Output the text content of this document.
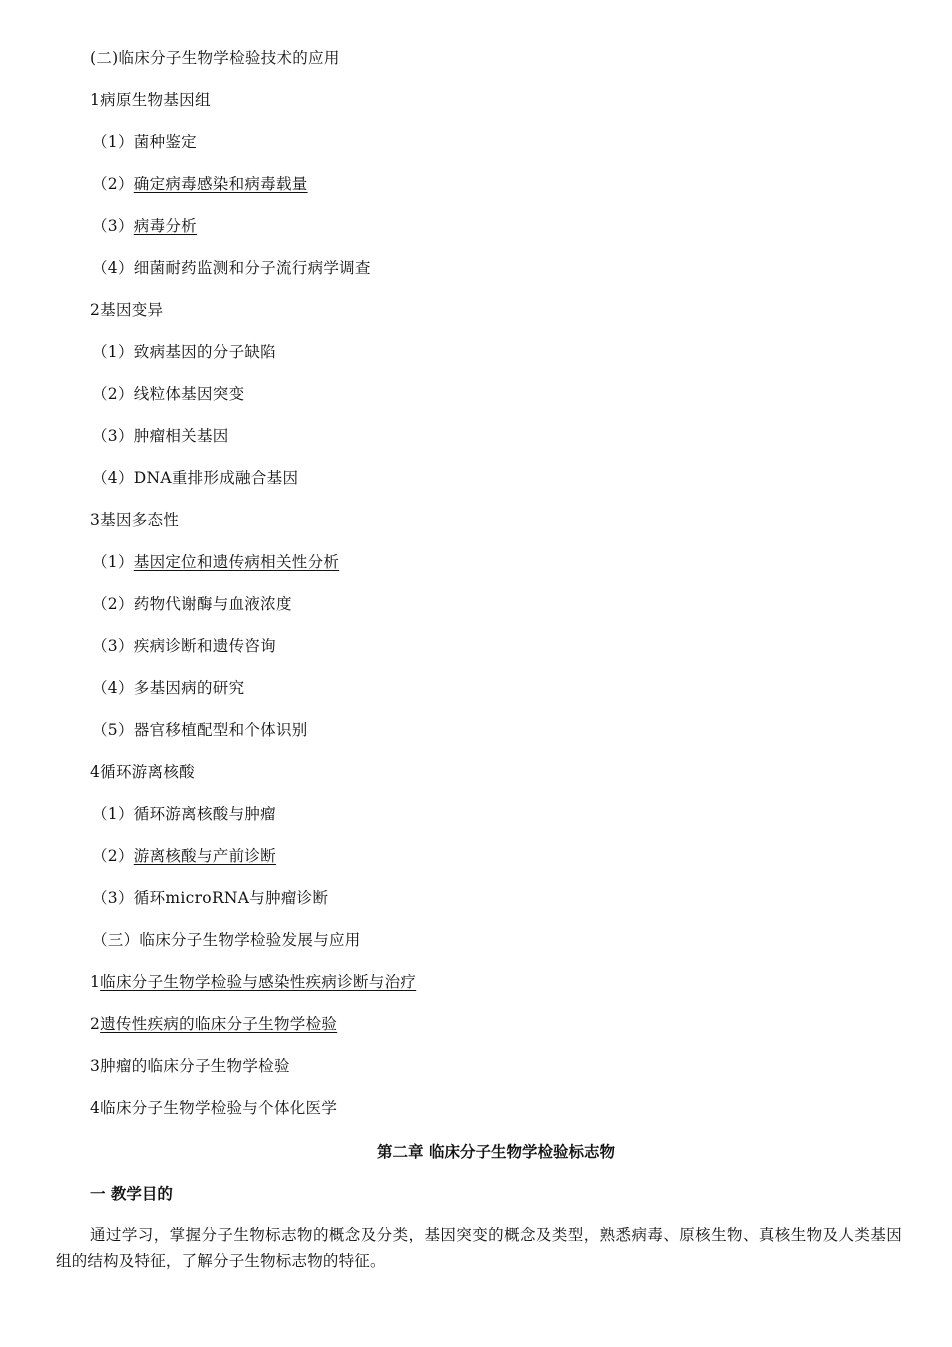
(二)临床分子生物学检验技术的应用
1病原生物基因组
（1）菌种鉴定
（2）确定病毒感染和病毒载量
（3）病毒分析
（4）细菌耐药监测和分子流行病学调查
2基因变异
（1）致病基因的分子缺陷
（2）线粒体基因突变
（3）肿瘤相关基因
（4）DNA重排形成融合基因
3基因多态性
（1）基因定位和遗传病相关性分析
（2）药物代谢酶与血液浓度
（3）疾病诊断和遗传咨询
（4）多基因病的研究
（5）器官移植配型和个体识别
4循环游离核酸
（1）循环游离核酸与肿瘤
（2）游离核酸与产前诊断
（3）循环microRNA与肿瘤诊断
（三）临床分子生物学检验发展与应用
1临床分子生物学检验与感染性疾病诊断与治疗
2遗传性疾病的临床分子生物学检验
3肿瘤的临床分子生物学检验
4临床分子生物学检验与个体化医学
第二章 临床分子生物学检验标志物
一 教学目的
通过学习，掌握分子生物标志物的概念及分类，基因突变的概念及类型，熟悉病毒、原核生物、真核生物及人类基因组的结构及特征，了解分子生物标志物的特征。
